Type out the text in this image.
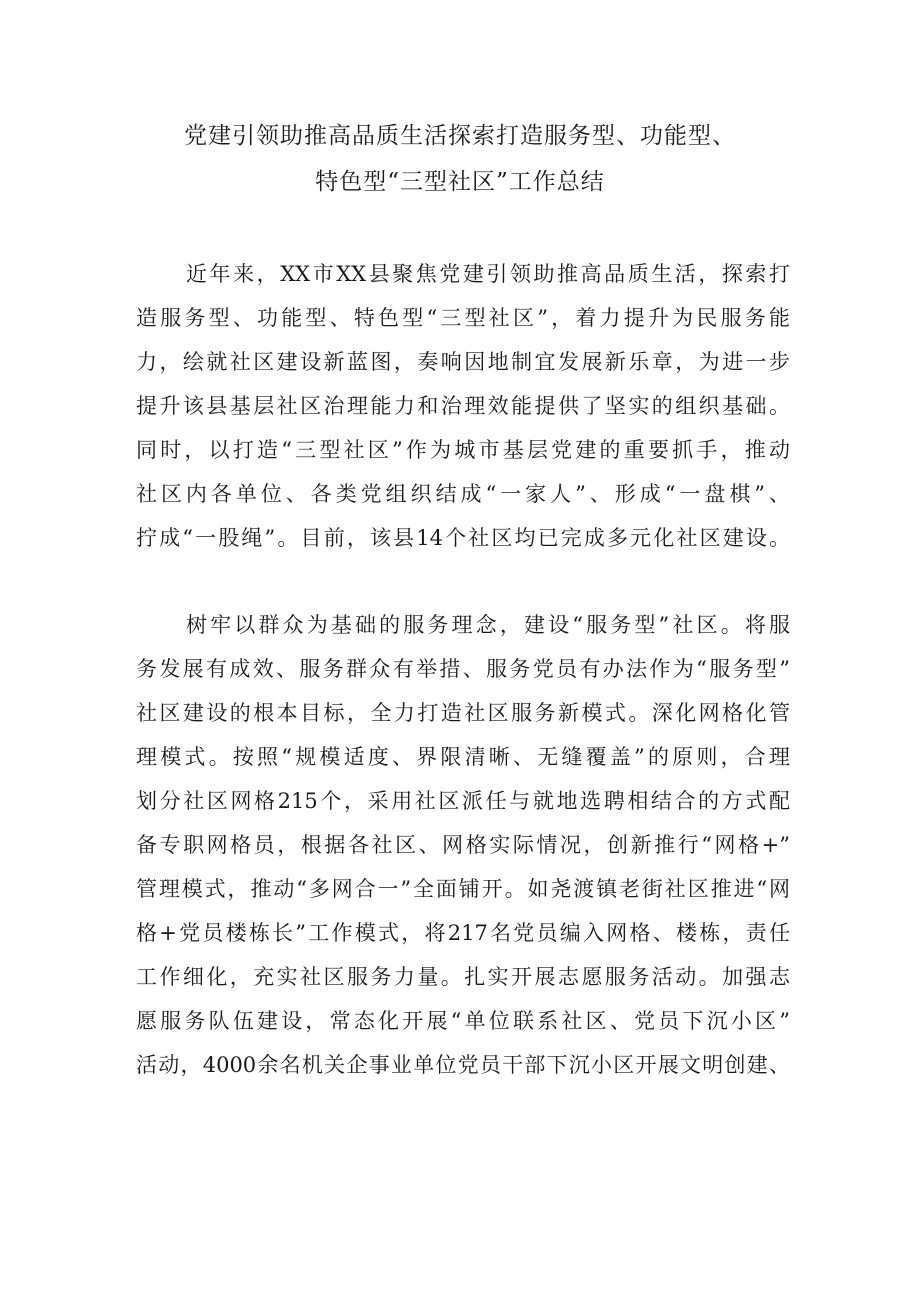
党建引领助推高品质生活探索打造服务型、功能型、
特色型“三型社区”工作总结
近年来，XX市XX县聚焦党建引领助推高品质生活，探索打
造服务型、功能型、特色型“三型社区”，着力提升为民服务能
力，绘就社区建设新蓝图，奏响因地制宜发展新乐章，为进一步
提升该县基层社区治理能力和治理效能提供了坚实的组织基础。
同时，以打造“三型社区”作为城市基层党建的重要抓手，推动
社区内各单位、各类党组织结成“一家人”、形成“一盘棋”、
拧成“一股绳”。目前，该县14个社区均已完成多元化社区建设。
树牢以群众为基础的服务理念，建设“服务型”社区。将服
务发展有成效、服务群众有举措、服务党员有办法作为“服务型”
社区建设的根本目标，全力打造社区服务新模式。深化网格化管
理模式。按照“规模适度、界限清晰、无缝覆盖”的原则，合理
划分社区网格215个，采用社区派任与就地选聘相结合的方式配
备专职网格员，根据各社区、网格实际情况，创新推行“网格+”
管理模式，推动“多网合一”全面铺开。如尧渡镇老街社区推进“网
格+党员楼栋长”工作模式，将217名党员编入网格、楼栋，责任
工作细化，充实社区服务力量。扎实开展志愿服务活动。加强志
愿服务队伍建设，常态化开展“单位联系社区、党员下沉小区”
活动，4000余名机关企事业单位党员干部下沉小区开展文明创建、
